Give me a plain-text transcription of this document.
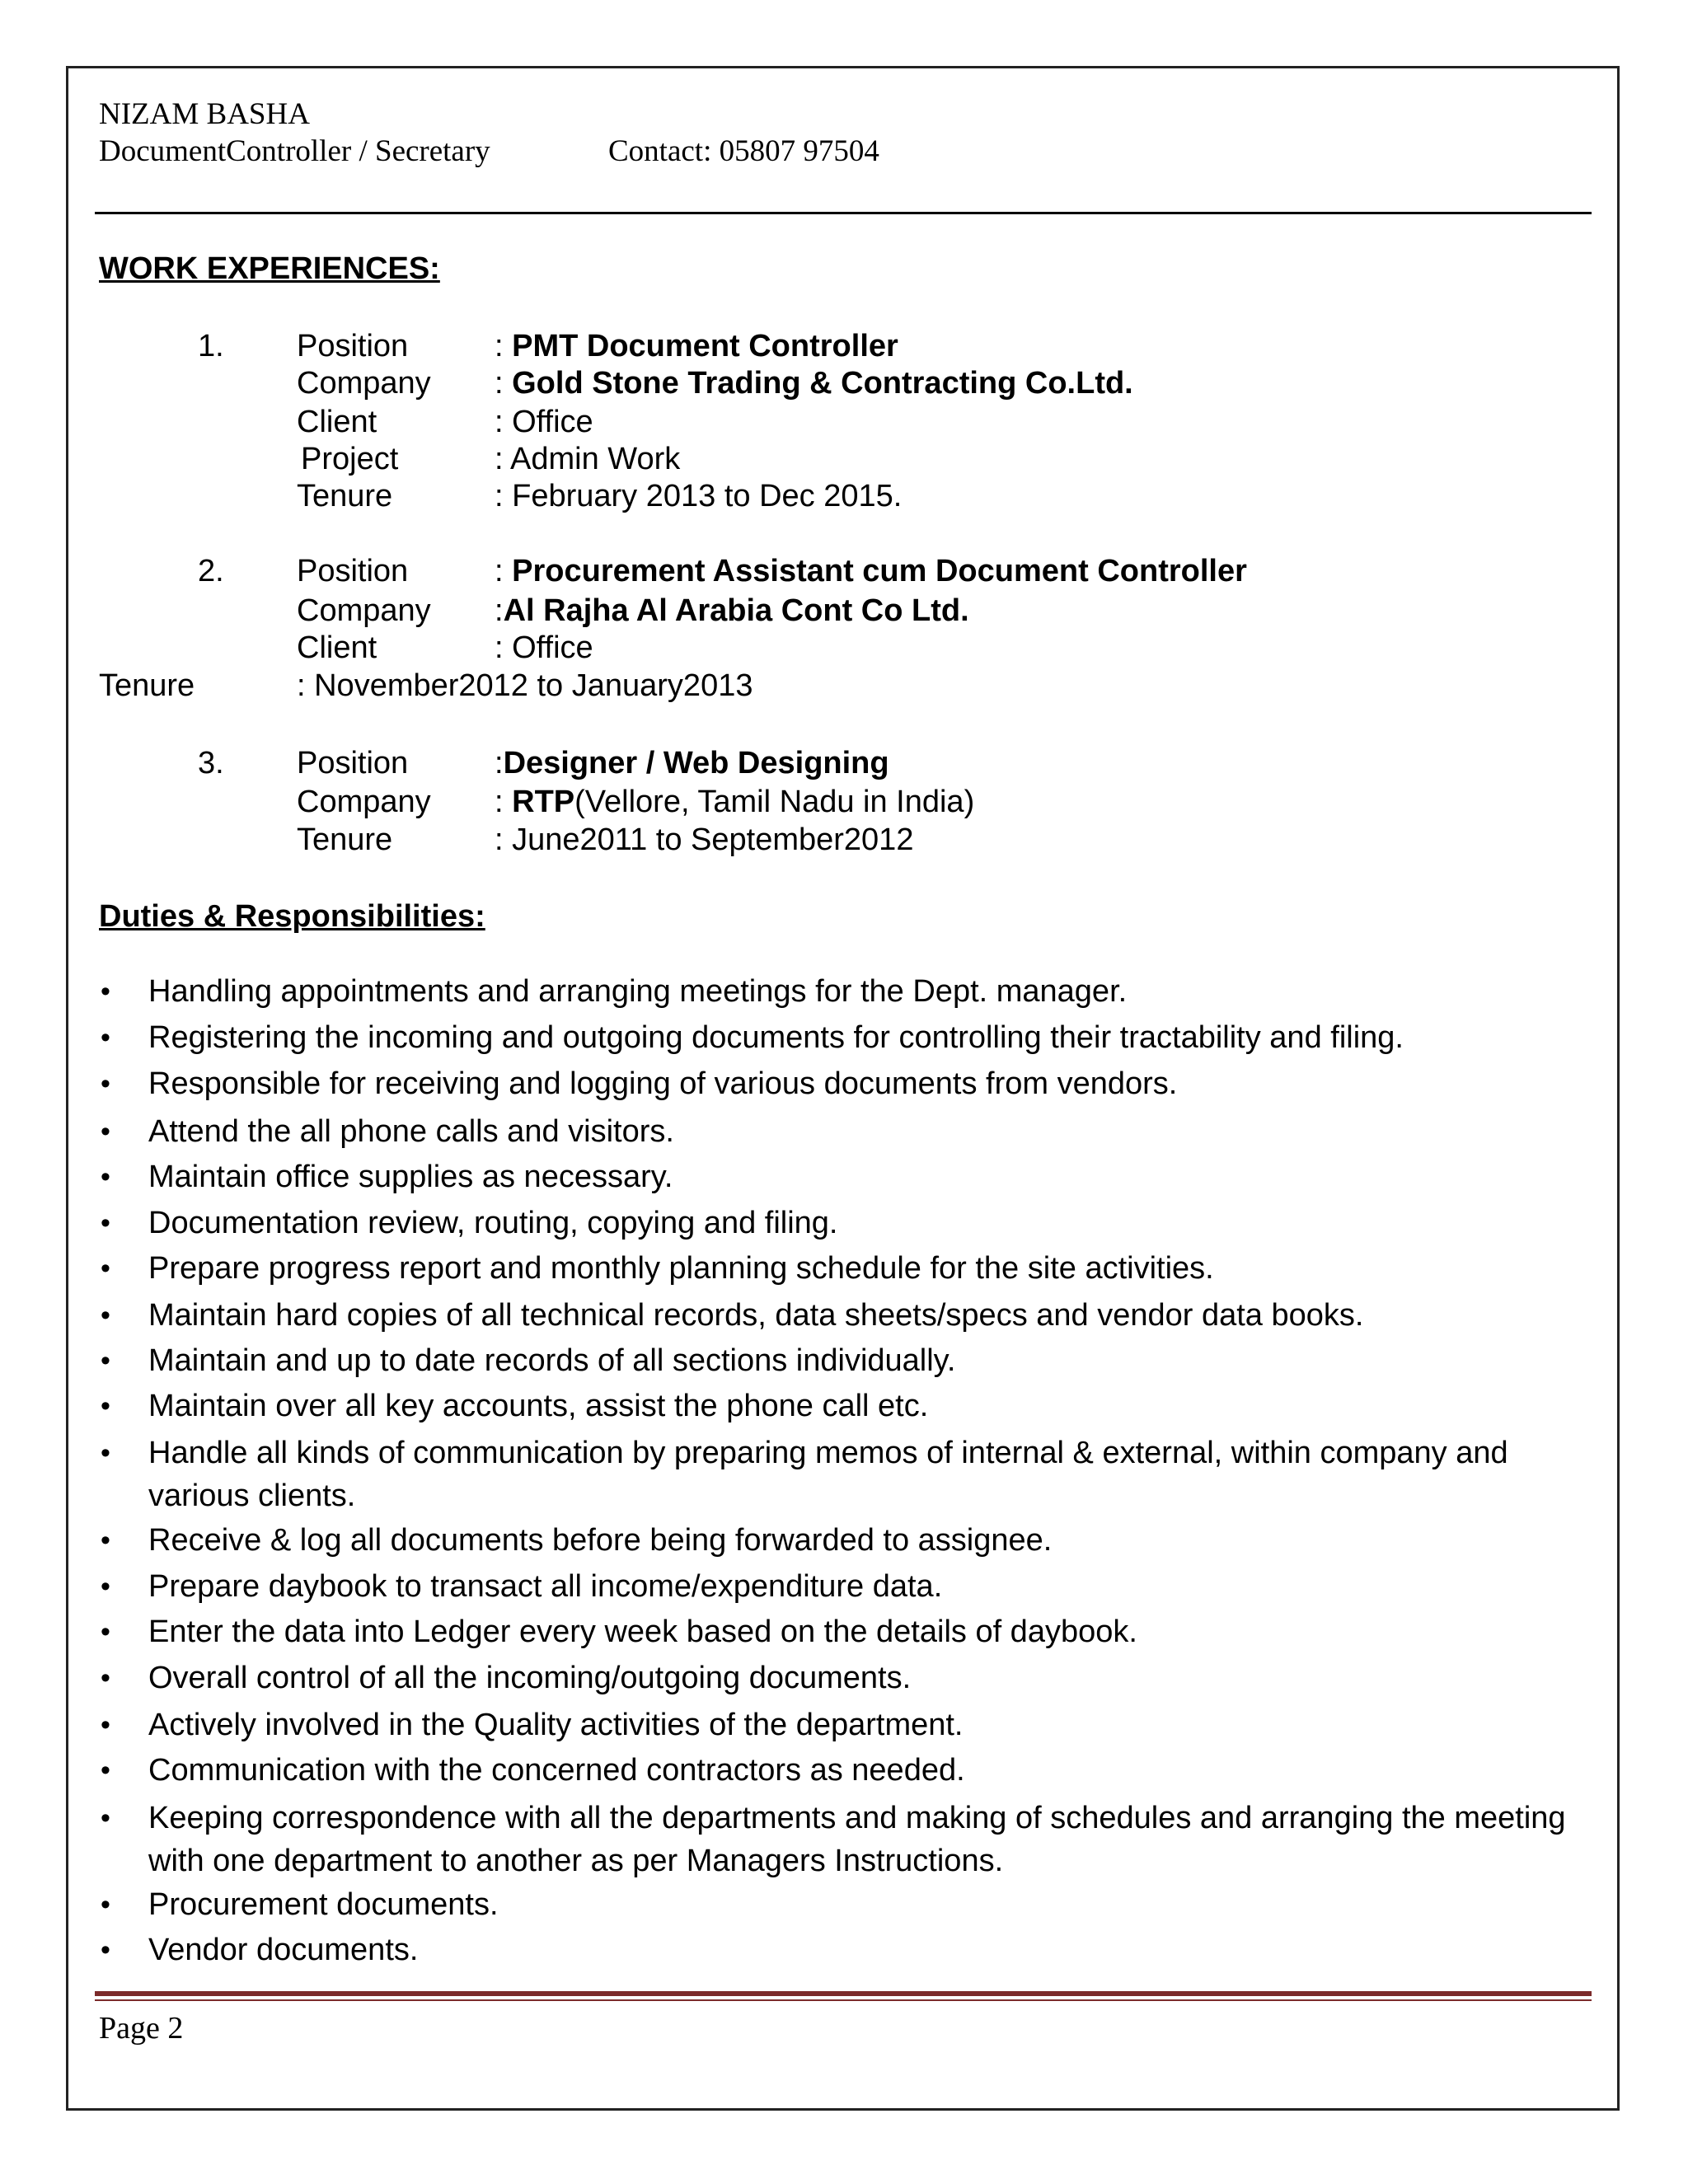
NIZAM BASHA
DocumentController / Secretary	Contact: 05807 97504
WORK EXPERIENCES:
1. Position	: PMT Document Controller
Company : Gold Stone Trading & Contracting Co.Ltd.
Client	: Office
Project	: Admin Work
Tenure	: February 2013 to Dec 2015.
2. Position	: Procurement Assistant cum Document Controller
Company :Al Rajha Al Arabia Cont Co Ltd.
Client	: Office
Tenure	: November2012 to January2013
3. Position	:Designer / Web Designing
Company : RTP(Vellore, Tamil Nadu in India)
Tenure	: June2011 to September2012
Duties & Responsibilities:
• Handling appointments and arranging meetings for the Dept. manager.
• Registering the incoming and outgoing documents for controlling their tractability and filing.
• Responsible for receiving and logging of various documents from vendors.
• Attend the all phone calls and visitors.
• Maintain office supplies as necessary.
• Documentation review, routing, copying and filing.
• Prepare progress report and monthly planning schedule for the site activities.
• Maintain hard copies of all technical records, data sheets/specs and vendor data books.
• Maintain and up to date records of all sections individually.
• Maintain over all key accounts, assist the phone call etc.
• Handle all kinds of communication by preparing memos of internal & external, within company and various clients.
• Receive & log all documents before being forwarded to assignee.
• Prepare daybook to transact all income/expenditure data.
• Enter the data into Ledger every week based on the details of daybook.
• Overall control of all the incoming/outgoing documents.
• Actively involved in the Quality activities of the department.
• Communication with the concerned contractors as needed.
• Keeping correspondence with all the departments and making of schedules and arranging the meeting with one department to another as per Managers Instructions.
• Procurement documents.
• Vendor documents.
Page 2
